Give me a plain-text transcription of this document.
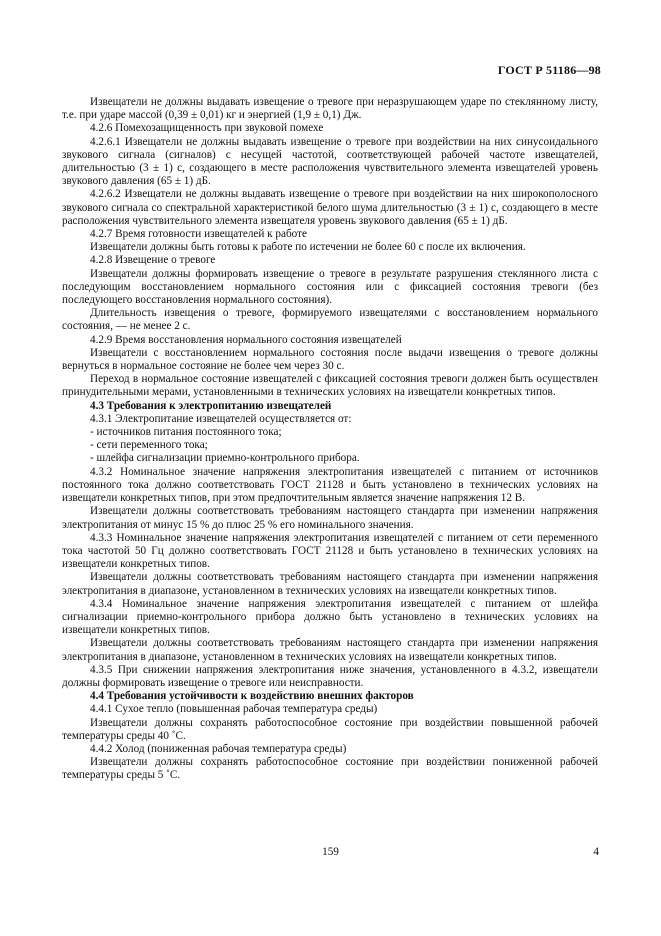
ГОСТ Р 51186—98

Извещатели не должны выдавать извещение о тревоге при неразрушающем ударе по стеклянному листу, т.е. при ударе массой (0,39 ± 0,01) кг и энергией (1,9 ± 0,1) Дж.

4.2.6 Помехозащищенность при звуковой помехе

4.2.6.1 Извещатели не должны выдавать извещение о тревоге при воздействии на них синусоидального звукового сигнала (сигналов) с несущей частотой, соответствующей рабочей частоте извещателей, длительностью (3 ± 1) с, создающего в месте расположения чувствительного элемента извещателей уровень звукового давления (65 ± 1) дБ.

4.2.6.2 Извещатели не должны выдавать извещение о тревоге при воздействии на них широкополосного звукового сигнала со спектральной характеристикой белого шума длительностью (3 ± 1) с, создающего в месте расположения чувствительного элемента извещателя уровень звукового давления (65 ± 1) дБ.

4.2.7 Время готовности извещателей к работе

Извещатели должны быть готовы к работе по истечении не более 60 с после их включения.

4.2.8 Извещение о тревоге

Извещатели должны формировать извещение о тревоге в результате разрушения стеклянного листа с последующим восстановлением нормального состояния или с фиксацией состояния тревоги (без последующего восстановления нормального состояния).

Длительность извещения о тревоге, формируемого извещателями с восстановлением нормального состояния, — не менее 2 с.

4.2.9 Время восстановления нормального состояния извещателей

Извещатели с восстановлением нормального состояния после выдачи извещения о тревоге должны вернуться в нормальное состояние не более чем через 30 с.

Переход в нормальное состояние извещателей с фиксацией состояния тревоги должен быть осуществлен принудительными мерами, установленными в технических условиях на извещатели конкретных типов.

4.3 Требования к электропитанию извещателей

4.3.1 Электропитание извещателей осуществляется от:

- источников питания постоянного тока;

- сети переменного тока;

- шлейфа сигнализации приемно-контрольного прибора.

4.3.2 Номинальное значение напряжения электропитания извещателей с питанием от источников постоянного тока должно соответствовать ГОСТ 21128 и быть установлено в технических условиях на извещатели конкретных типов, при этом предпочтительным является значение напряжения 12 В.

Извещатели должны соответствовать требованиям настоящего стандарта при изменении напряжения электропитания от минус 15 % до плюс 25 % его номинального значения.

4.3.3 Номинальное значение напряжения электропитания извещателей с питанием от сети переменного тока частотой 50 Гц должно соответствовать ГОСТ 21128 и быть установлено в технических условиях на извещатели конкретных типов.

Извещатели должны соответствовать требованиям настоящего стандарта при изменении напряжения электропитания в диапазоне, установленном в технических условиях на извещатели конкретных типов.

4.3.4 Номинальное значение напряжения электропитания извещателей с питанием от шлейфа сигнализации приемно-контрольного прибора должно быть установлено в технических условиях на извещатели конкретных типов.

Извещатели должны соответствовать требованиям настоящего стандарта при изменении напряжения электропитания в диапазоне, установленном в технических условиях на извещатели конкретных типов.

4.3.5 При снижении напряжения электропитания ниже значения, установленного в 4.3.2, извещатели должны формировать извещение о тревоге или неисправности.

4.4 Требования устойчивости к воздействию внешних факторов

4.4.1 Сухое тепло (повышенная рабочая температура среды)

Извещатели должны сохранять работоспособное состояние при воздействии повышенной рабочей температуры среды 40 ˚С.

4.4.2 Холод (пониженная рабочая температура среды)

Извещатели должны сохранять работоспособное состояние при воздействии пониженной рабочей температуры среды 5 ˚С.

159	4
